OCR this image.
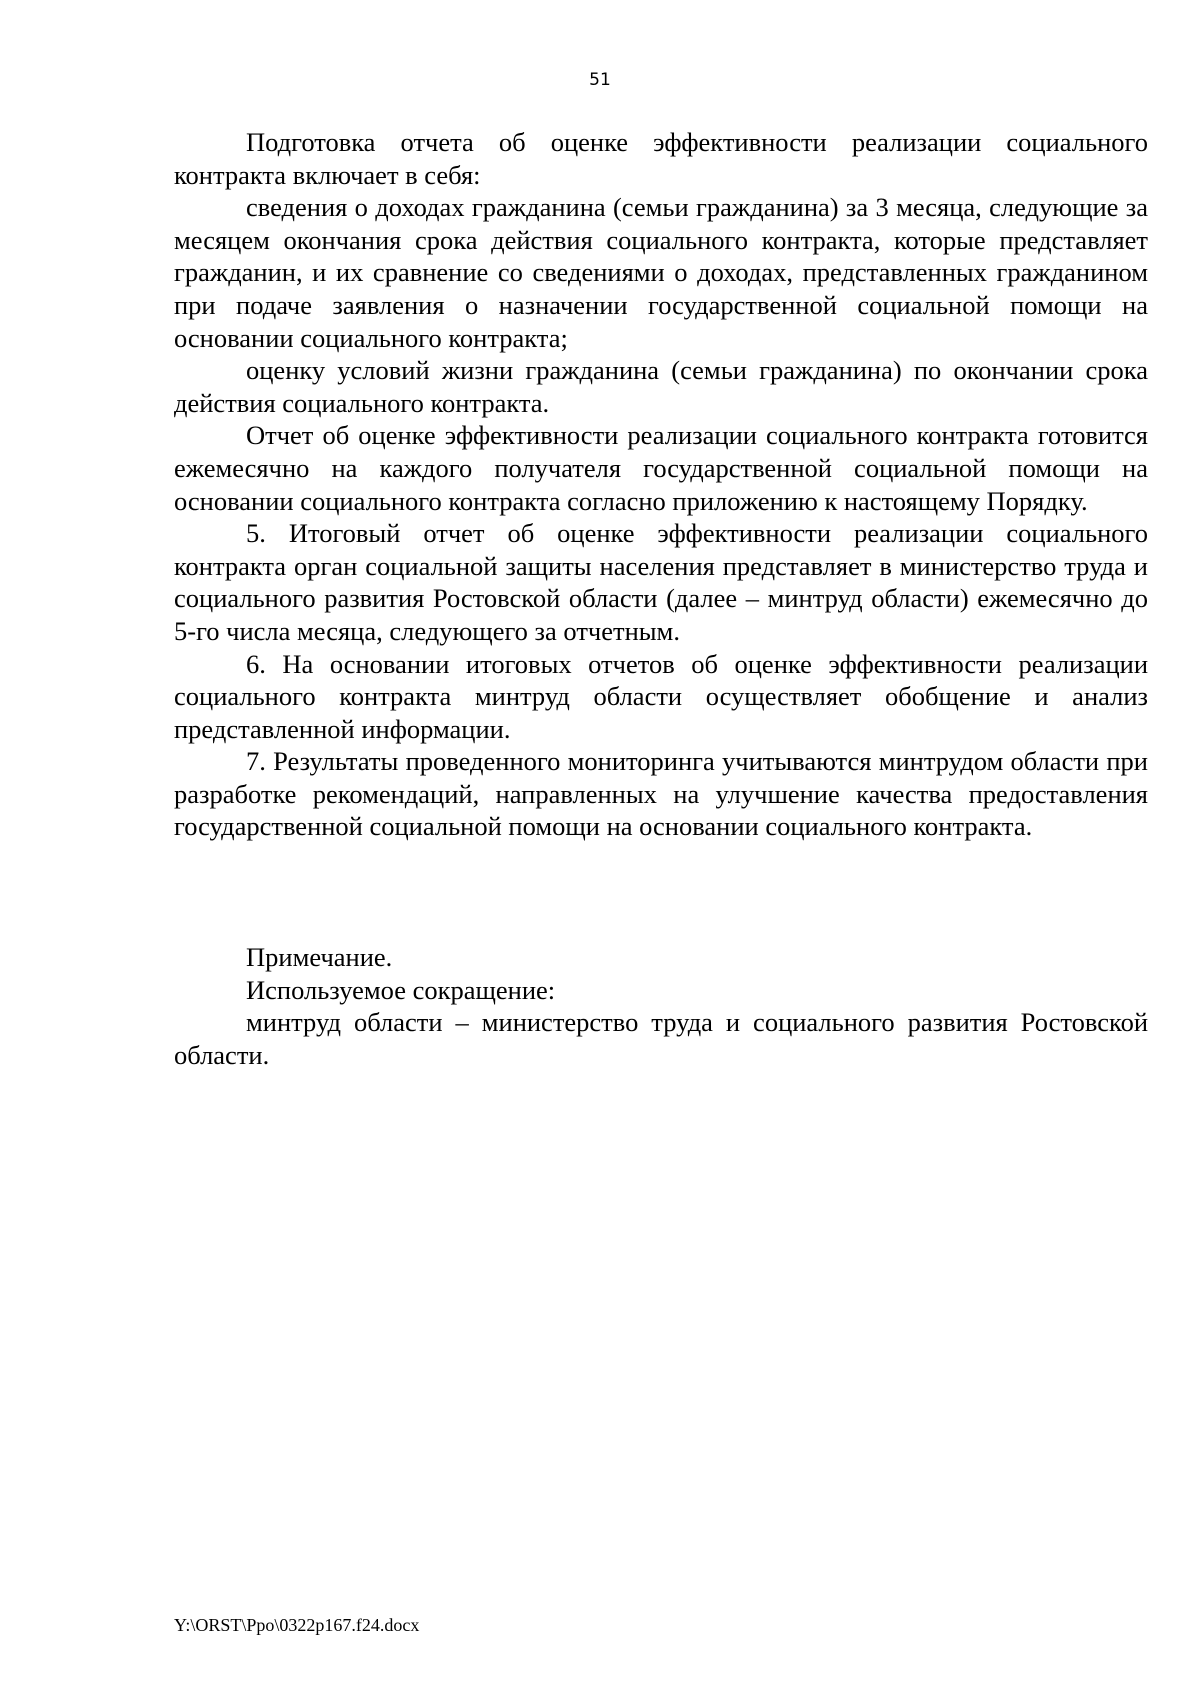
51

Подготовка отчета об оценке эффективности реализации социального контракта включает в себя:

сведения о доходах гражданина (семьи гражданина) за 3 месяца, следующие за месяцем окончания срока действия социального контракта, которые представляет гражданин, и их сравнение со сведениями о доходах, представленных гражданином при подаче заявления о назначении государственной социальной помощи на основании социального контракта;

оценку условий жизни гражданина (семьи гражданина) по окончании срока действия социального контракта.

Отчет об оценке эффективности реализации социального контракта готовится ежемесячно на каждого получателя государственной социальной помощи на основании социального контракта согласно приложению к настоящему Порядку.

5. Итоговый отчет об оценке эффективности реализации социального контракта орган социальной защиты населения представляет в министерство труда и социального развития Ростовской области (далее – минтруд области) ежемесячно до 5-го числа месяца, следующего за отчетным.

6. На основании итоговых отчетов об оценке эффективности реализации социального контракта минтруд области осуществляет обобщение и анализ представленной информации.

7. Результаты проведенного мониторинга учитываются минтрудом области при разработке рекомендаций, направленных на улучшение качества предоставления государственной социальной помощи на основании социального контракта.

Примечание.

Используемое сокращение:

минтруд области – министерство труда и социального развития Ростовской области.

Y:\ORST\Ppo\0322p167.f24.docx
